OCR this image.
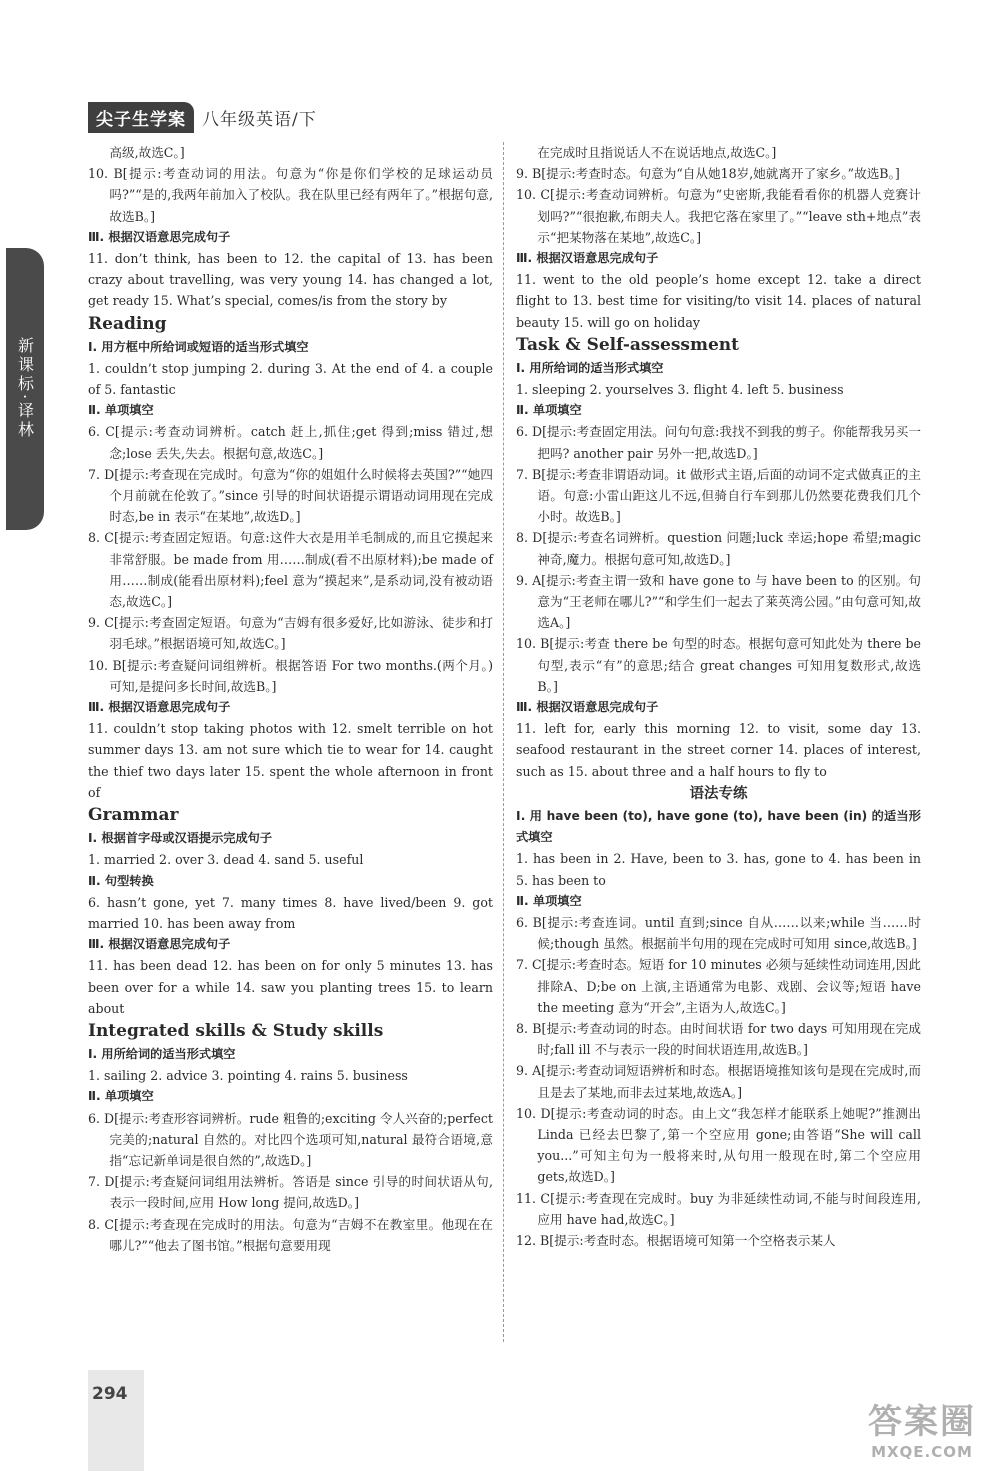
尖子生学案 八年级英语/下
新课标·译林
高级,故选C。]
10. B[提示:考查动词的用法。句意为“你是你们学校的足球运动员吗?”“是的,我两年前加入了校队。我在队里已经有两年了。”根据句意,故选B。]
Ⅲ. 根据汉语意思完成句子
11. don’t think, has been to 12. the capital of 13. has been crazy about travelling, was very young 14. has changed a lot, get ready 15. What’s special, comes/is from the story by
Reading
Ⅰ. 用方框中所给词或短语的适当形式填空
1. couldn’t stop jumping 2. during 3. At the end of 4. a couple of 5. fantastic
Ⅱ. 单项填空
6. C[提示:考查动词辨析。catch 赶上,抓住;get 得到;miss 错过,想念;lose 丢失,失去。根据句意,故选C。]
7. D[提示:考查现在完成时。句意为“你的姐姐什么时候将去英国?”“她四个月前就在伦敦了。”since 引导的时间状语提示谓语动词用现在完成时态,be in 表示“在某地”,故选D。]
8. C[提示:考查固定短语。句意:这件大衣是用羊毛制成的,而且它摸起来非常舒服。be made from 用……制成(看不出原材料);be made of 用……制成(能看出原材料);feel 意为“摸起来”,是系动词,没有被动语态,故选C。]
9. C[提示:考查固定短语。句意为“吉姆有很多爱好,比如游泳、徒步和打羽毛球。”根据语境可知,故选C。]
10. B[提示:考查疑问词组辨析。根据答语 For two months.(两个月。)可知,是提问多长时间,故选B。]
Ⅲ. 根据汉语意思完成句子
11. couldn’t stop taking photos with 12. smelt terrible on hot summer days 13. am not sure which tie to wear for 14. caught the thief two days later 15. spent the whole afternoon in front of
Grammar
Ⅰ. 根据首字母或汉语提示完成句子
1. married 2. over 3. dead 4. sand 5. useful
Ⅱ. 句型转换
6. hasn’t gone, yet 7. many times 8. have lived/been 9. got married 10. has been away from
Ⅲ. 根据汉语意思完成句子
11. has been dead 12. has been on for only 5 minutes 13. has been over for a while 14. saw you planting trees 15. to learn about
Integrated skills & Study skills
Ⅰ. 用所给词的适当形式填空
1. sailing 2. advice 3. pointing 4. rains 5. business
Ⅱ. 单项填空
6. D[提示:考查形容词辨析。rude 粗鲁的;exciting 令人兴奋的;perfect 完美的;natural 自然的。对比四个选项可知,natural 最符合语境,意指“忘记新单词是很自然的”,故选D。]
7. D[提示:考查疑问词组用法辨析。答语是 since 引导的时间状语从句,表示一段时间,应用 How long 提问,故选D。]
8. C[提示:考查现在完成时的用法。句意为“吉姆不在教室里。他现在在哪儿?”“他去了图书馆。”根据句意要用现
在完成时且指说话人不在说话地点,故选C。]
9. B[提示:考查时态。句意为“自从她18岁,她就离开了家乡。”故选B。]
10. C[提示:考查动词辨析。句意为“史密斯,我能看看你的机器人竞赛计划吗?”“很抱歉,布朗夫人。我把它落在家里了。”“leave sth+地点”表示“把某物落在某地”,故选C。]
Ⅲ. 根据汉语意思完成句子
11. went to the old people’s home except 12. take a direct flight to 13. best time for visiting/to visit 14. places of natural beauty 15. will go on holiday
Task & Self-assessment
Ⅰ. 用所给词的适当形式填空
1. sleeping 2. yourselves 3. flight 4. left 5. business
Ⅱ. 单项填空
6. D[提示:考查固定用法。问句句意:我找不到我的剪子。你能帮我另买一把吗? another pair 另外一把,故选D。]
7. B[提示:考查非谓语动词。it 做形式主语,后面的动词不定式做真正的主语。句意:小雷山距这儿不远,但骑自行车到那儿仍然要花费我们几个小时。故选B。]
8. D[提示:考查名词辨析。question 问题;luck 幸运;hope 希望;magic 神奇,魔力。根据句意可知,故选D。]
9. A[提示:考查主谓一致和 have gone to 与 have been to 的区别。句意为“王老师在哪儿?”“和学生们一起去了莱英湾公园。”由句意可知,故选A。]
10. B[提示:考查 there be 句型的时态。根据句意可知此处为 there be 句型,表示“有”的意思;结合 great changes 可知用复数形式,故选B。]
Ⅲ. 根据汉语意思完成句子
11. left for, early this morning 12. to visit, some day 13. seafood restaurant in the street corner 14. places of interest, such as 15. about three and a half hours to fly to
语法专练
Ⅰ. 用 have been (to), have gone (to), have been (in) 的适当形式填空
1. has been in 2. Have, been to 3. has, gone to 4. has been in 5. has been to
Ⅱ. 单项填空
6. B[提示:考查连词。until 直到;since 自从……以来;while 当……时候;though 虽然。根据前半句用的现在完成时可知用 since,故选B。]
7. C[提示:考查时态。短语 for 10 minutes 必须与延续性动词连用,因此排除A、D;be on 上演,主语通常为电影、戏剧、会议等;短语 have the meeting 意为“开会”,主语为人,故选C。]
8. B[提示:考查动词的时态。由时间状语 for two days 可知用现在完成时;fall ill 不与表示一段的时间状语连用,故选B。]
9. A[提示:考查动词短语辨析和时态。根据语境推知该句是现在完成时,而且是去了某地,而非去过某地,故选A。]
10. D[提示:考查动词的时态。由上文“我怎样才能联系上她呢?”推测出 Linda 已经去巴黎了,第一个空应用 gone;由答语“She will call you...”可知主句为一般将来时,从句用一般现在时,第二个空应用 gets,故选D。]
11. C[提示:考查现在完成时。buy 为非延续性动词,不能与时间段连用,应用 have had,故选C。]
12. B[提示:考查时态。根据语境可知第一个空格表示某人
294
答案圈
MXQE.COM
